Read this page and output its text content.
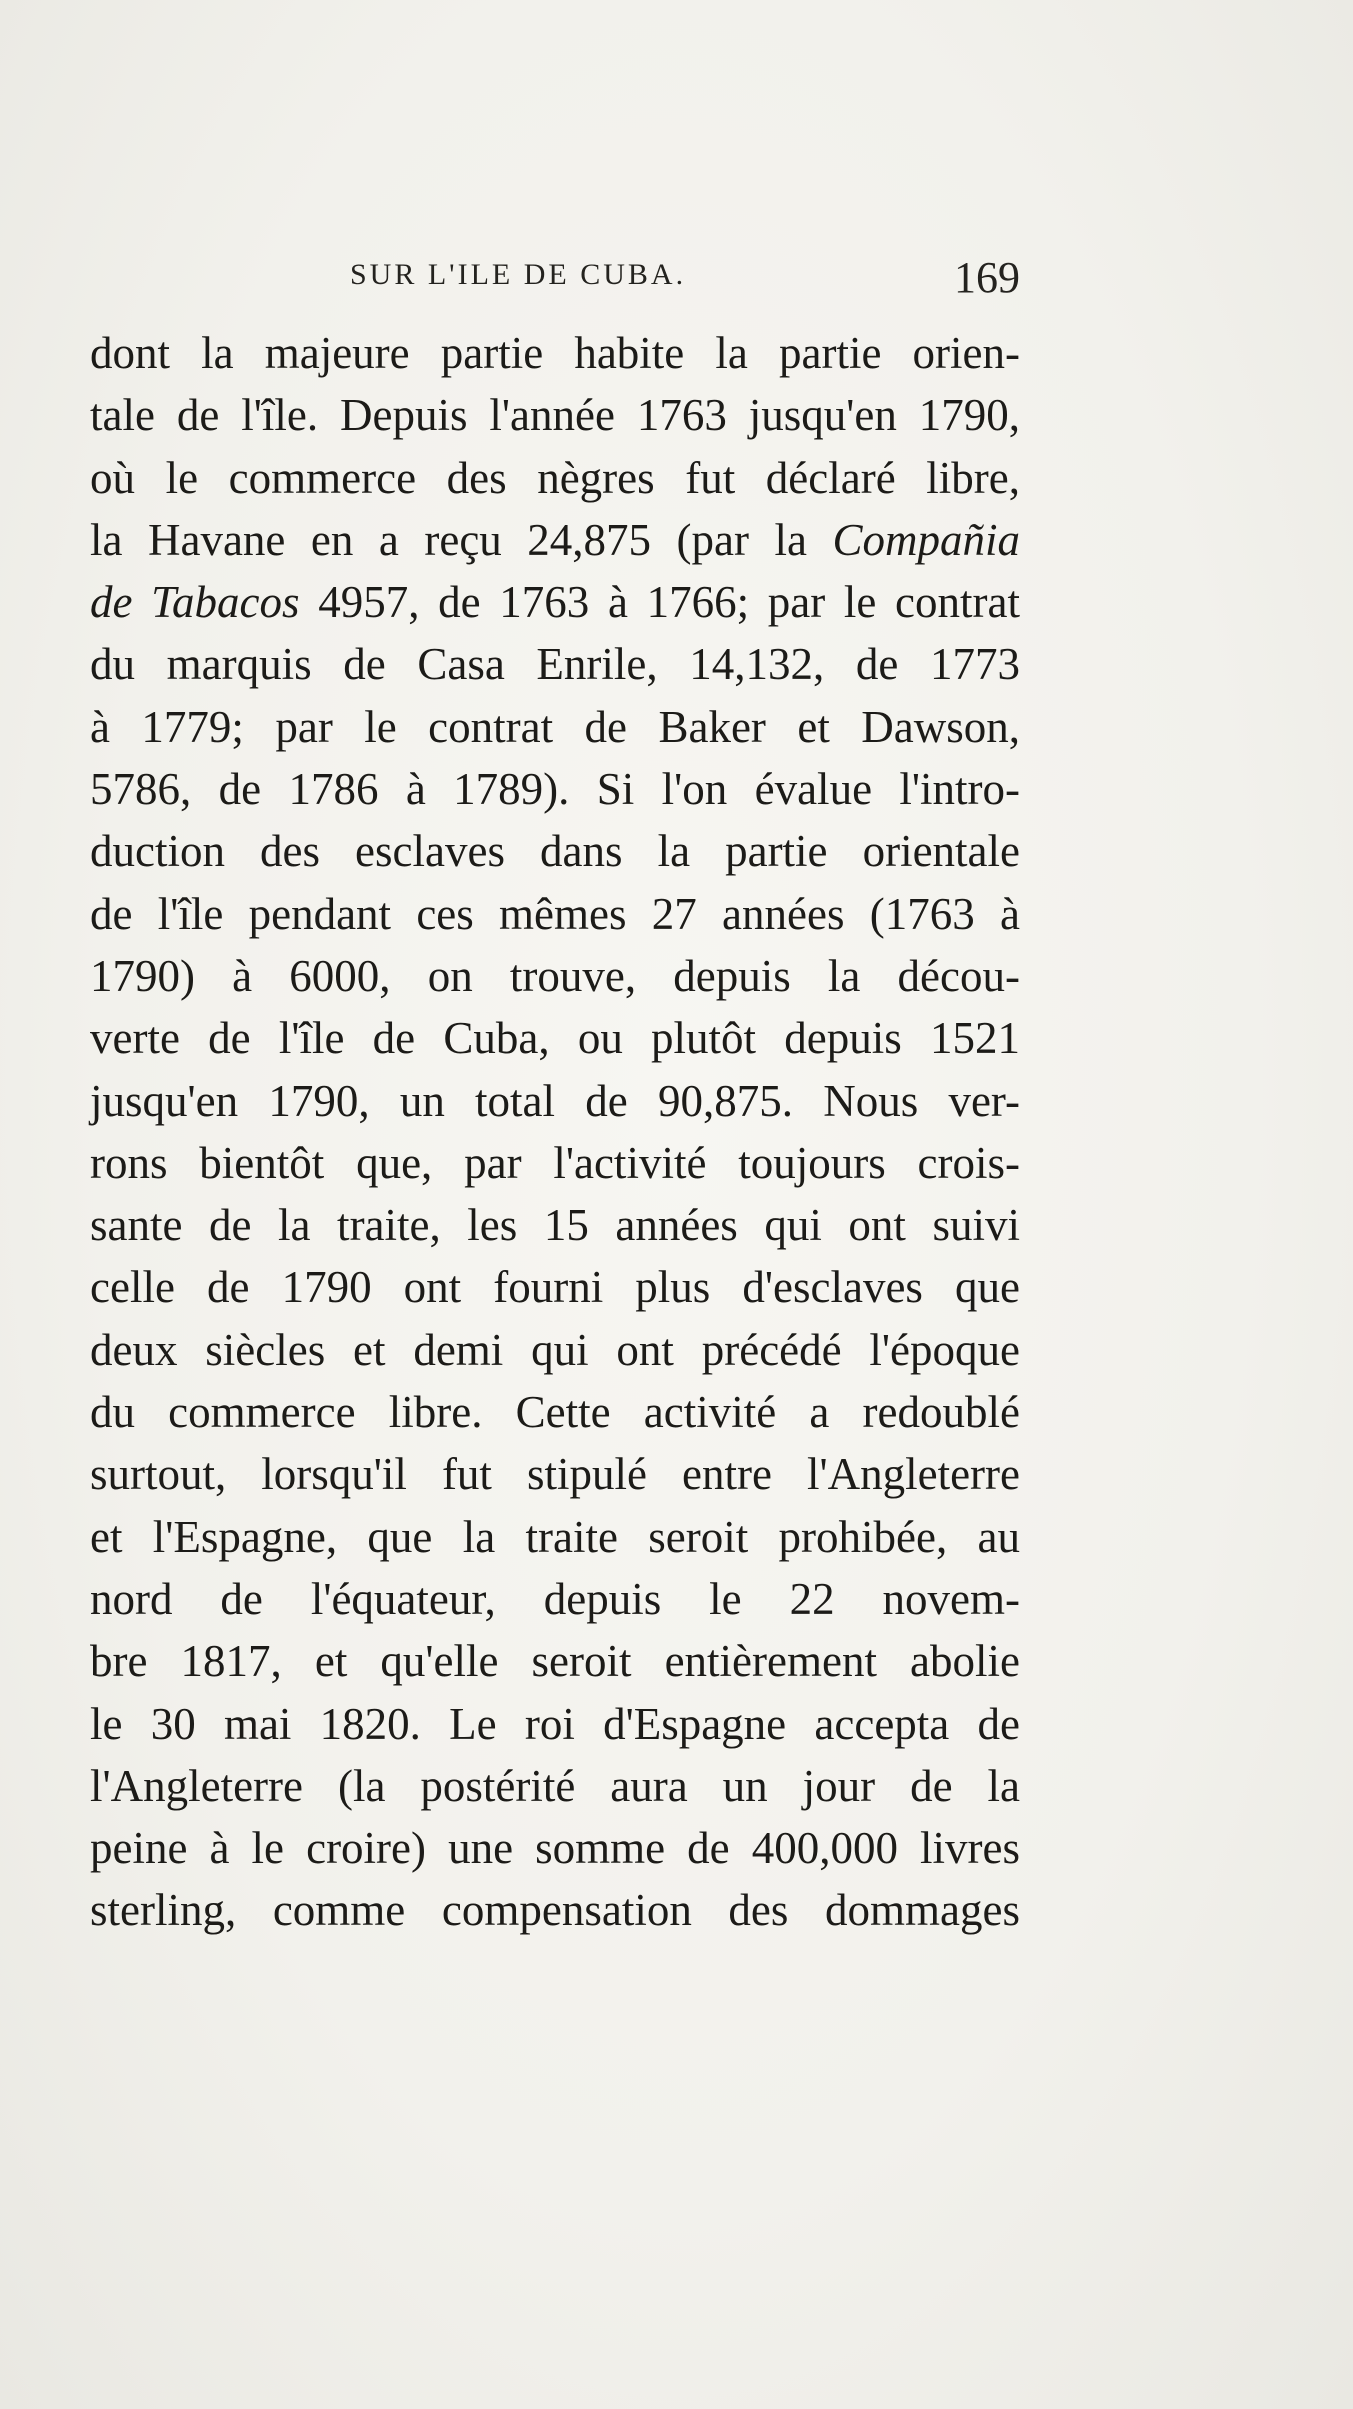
SUR L'ILE DE CUBA.	169
dont la majeure partie habite la partie orien-
tale de l'île. Depuis l'année 1763 jusqu'en 1790,
où le commerce des nègres fut déclaré libre,
la Havane en a reçu 24,875 (par la Compañia
de Tabacos 4957, de 1763 à 1766; par le contrat
du marquis de Casa Enrile, 14,132, de 1773
à 1779; par le contrat de Baker et Dawson,
5786, de 1786 à 1789). Si l'on évalue l'intro-
duction des esclaves dans la partie orientale
de l'île pendant ces mêmes 27 années (1763 à
1790) à 6000, on trouve, depuis la décou-
verte de l'île de Cuba, ou plutôt depuis 1521
jusqu'en 1790, un total de 90,875. Nous ver-
rons bientôt que, par l'activité toujours crois-
sante de la traite, les 15 années qui ont suivi
celle de 1790 ont fourni plus d'esclaves que
deux siècles et demi qui ont précédé l'époque
du commerce libre. Cette activité a redoublé
surtout, lorsqu'il fut stipulé entre l'Angleterre
et l'Espagne, que la traite seroit prohibée, au
nord de l'équateur, depuis le 22 novem-
bre 1817, et qu'elle seroit entièrement abolie
le 30 mai 1820. Le roi d'Espagne accepta de
l'Angleterre (la postérité aura un jour de la
peine à le croire) une somme de 400,000 livres
sterling, comme compensation des dommages
